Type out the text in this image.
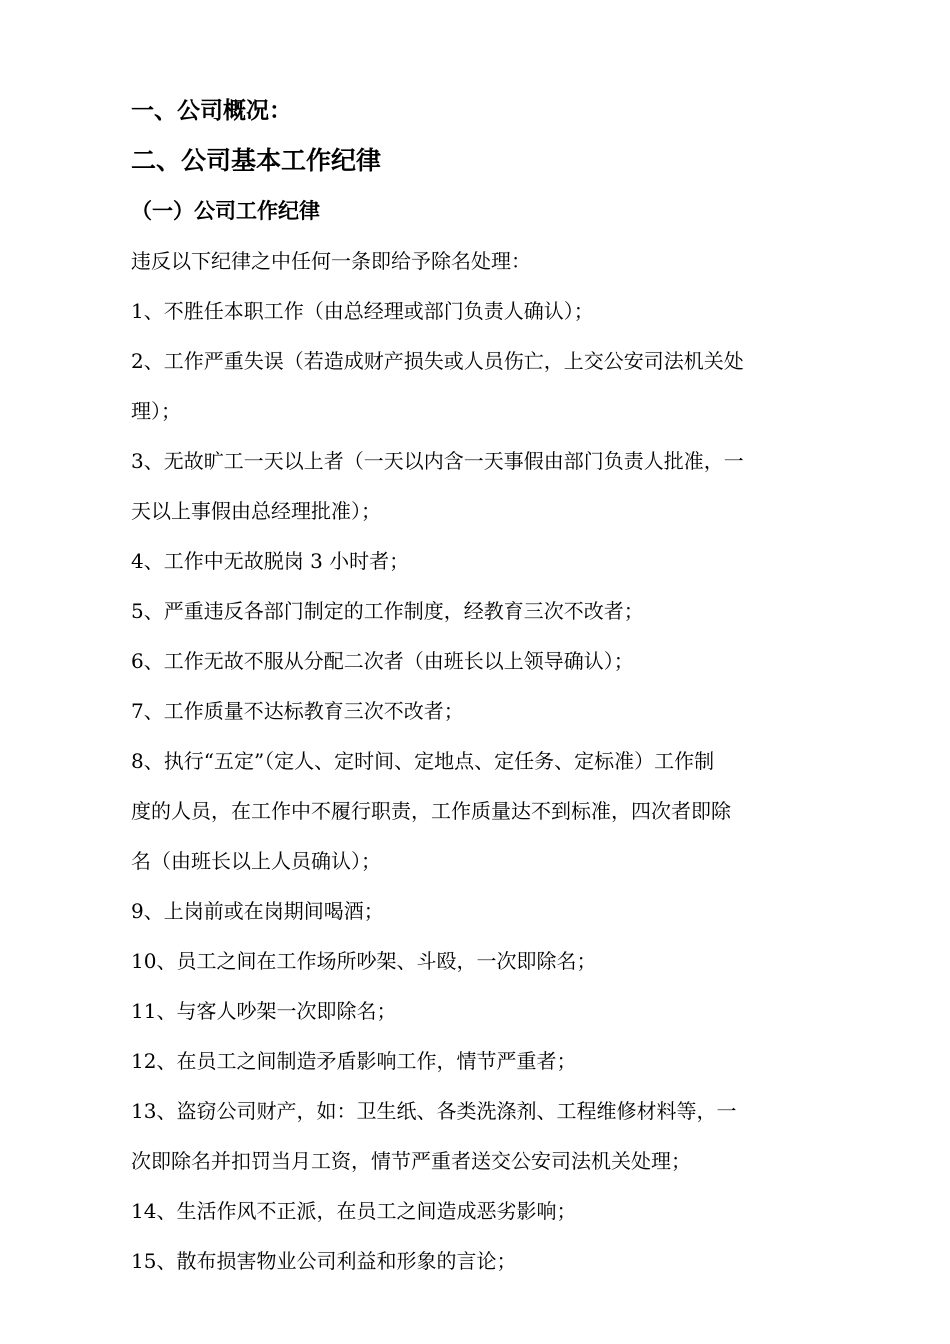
一、公司概况：
二、公司基本工作纪律
（一）公司工作纪律
违反以下纪律之中任何一条即给予除名处理：
1、不胜任本职工作（由总经理或部门负责人确认）；
2、工作严重失误（若造成财产损失或人员伤亡，上交公安司法机关处
理）；
3、无故旷工一天以上者（一天以内含一天事假由部门负责人批准，一
天以上事假由总经理批准）；
4、工作中无故脱岗 3 小时者；
5、严重违反各部门制定的工作制度，经教育三次不改者；
6、工作无故不服从分配二次者（由班长以上领导确认）；
7、工作质量不达标教育三次不改者；
8、执行“五定”（定人、定时间、定地点、定任务、定标准）工作制
度的人员，在工作中不履行职责，工作质量达不到标准，四次者即除
名（由班长以上人员确认）；
9、上岗前或在岗期间喝酒；
10、员工之间在工作场所吵架、斗殴，一次即除名；
11、与客人吵架一次即除名；
12、在员工之间制造矛盾影响工作，情节严重者；
13、盗窃公司财产，如：卫生纸、各类洗涤剂、工程维修材料等，一
次即除名并扣罚当月工资，情节严重者送交公安司法机关处理；
14、生活作风不正派，在员工之间造成恶劣影响；
15、散布损害物业公司利益和形象的言论；
